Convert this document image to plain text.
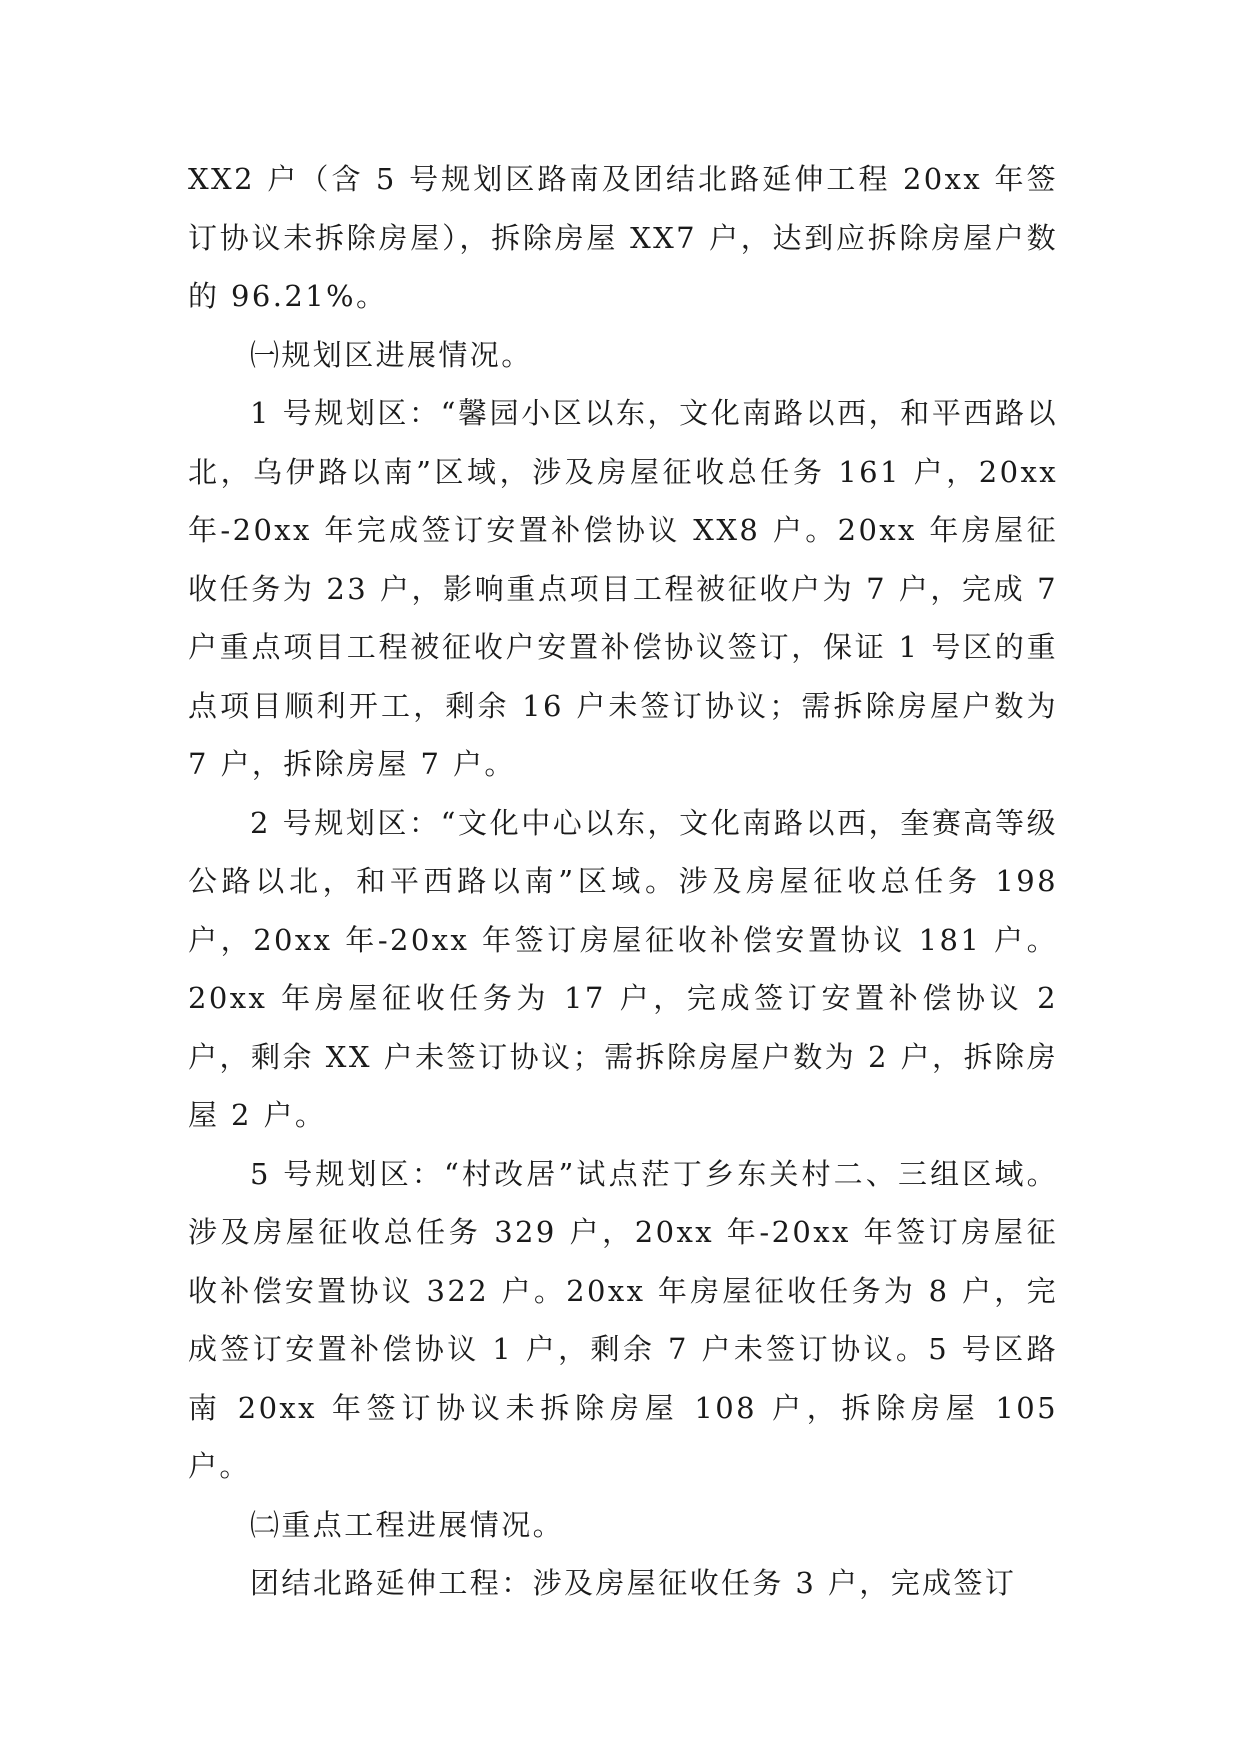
XX2 户（含 5 号规划区路南及团结北路延伸工程 20xx 年签订协议未拆除房屋），拆除房屋 XX7 户，达到应拆除房屋户数的 96.21%。

㈠规划区进展情况。

1 号规划区：“馨园小区以东，文化南路以西，和平西路以北，乌伊路以南”区域，涉及房屋征收总任务 161 户，20xx 年-20xx 年完成签订安置补偿协议 XX8 户。20xx 年房屋征收任务为 23 户，影响重点项目工程被征收户为 7 户，完成 7 户重点项目工程被征收户安置补偿协议签订，保证 1 号区的重点项目顺利开工，剩余 16 户未签订协议；需拆除房屋户数为 7 户，拆除房屋 7 户。

2 号规划区：“文化中心以东，文化南路以西，奎赛高等级公路以北，和平西路以南”区域。涉及房屋征收总任务 198 户，20xx 年-20xx 年签订房屋征收补偿安置协议 181 户。20xx 年房屋征收任务为 17 户，完成签订安置补偿协议 2 户，剩余 XX 户未签订协议；需拆除房屋户数为 2 户，拆除房屋 2 户。

5 号规划区：“村改居”试点茫丁乡东关村二、三组区域。涉及房屋征收总任务 329 户，20xx 年-20xx 年签订房屋征收补偿安置协议 322 户。20xx 年房屋征收任务为 8 户，完成签订安置补偿协议 1 户，剩余 7 户未签订协议。5 号区路南 20xx 年签订协议未拆除房屋 108 户，拆除房屋 105 户。

㈡重点工程进展情况。

团结北路延伸工程：涉及房屋征收任务 3 户，完成签订
